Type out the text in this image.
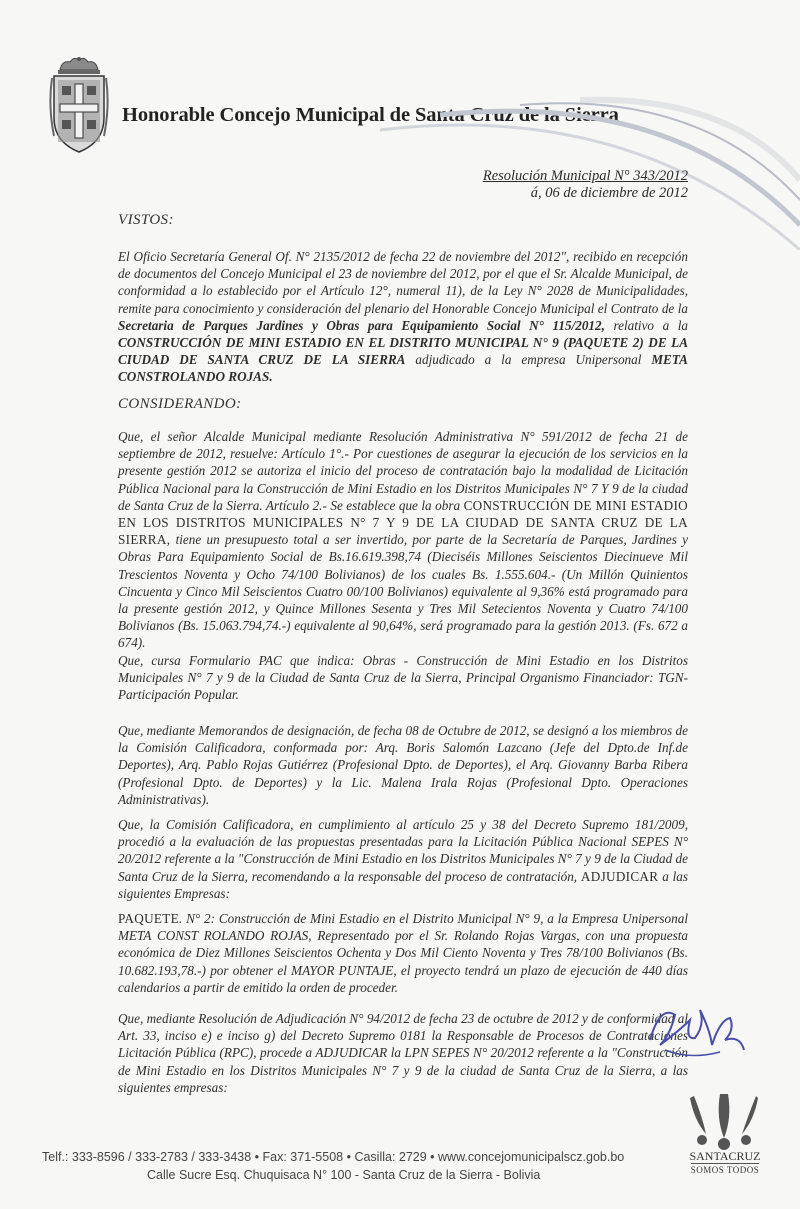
Honorable Concejo Municipal de Santa Cruz de la Sierra
Resolución Municipal N° 343/2012
á, 06 de diciembre de 2012
VISTOS:
El Oficio Secretaría General Of. N° 2135/2012 de fecha 22 de noviembre del 2012", recibido en recepción de documentos del Concejo Municipal el 23 de noviembre del 2012, por el que el Sr. Alcalde Municipal, de conformidad a lo establecido por el Artículo 12°, numeral 11), de la Ley N° 2028 de Municipalidades, remite para conocimiento y consideración del plenario del Honorable Concejo Municipal el Contrato de la Secretaria de Parques Jardines y Obras para Equipamiento Social N° 115/2012, relativo a la CONSTRUCCIÓN DE MINI ESTADIO EN EL DISTRITO MUNICIPAL N° 9 (PAQUETE 2) DE LA CIUDAD DE SANTA CRUZ DE LA SIERRA adjudicado a la empresa Unipersonal META CONSTROLANDO ROJAS.
CONSIDERANDO:
Que, el señor Alcalde Municipal mediante Resolución Administrativa N° 591/2012 de fecha 21 de septiembre de 2012, resuelve: Artículo 1°.- Por cuestiones de asegurar la ejecución de los servicios en la presente gestión 2012 se autoriza el inicio del proceso de contratación bajo la modalidad de Licitación Pública Nacional para la Construcción de Mini Estadio en los Distritos Municipales N° 7 Y 9 de la ciudad de Santa Cruz de la Sierra. Artículo 2.- Se establece que la obra CONSTRUCCIÓN DE MINI ESTADIO EN LOS DISTRITOS MUNICIPALES N° 7 Y 9 DE LA CIUDAD DE SANTA CRUZ DE LA SIERRA, tiene un presupuesto total a ser invertido, por parte de la Secretaría de Parques, Jardines y Obras Para Equipamiento Social de Bs.16.619.398,74 (Dieciséis Millones Seiscientos Diecinueve Mil Trescientos Noventa y Ocho 74/100 Bolivianos) de los cuales Bs. 1.555.604.- (Un Millón Quinientos Cincuenta y Cinco Mil Seiscientos Cuatro 00/100 Bolivianos) equivalente al 9,36% está programado para la presente gestión 2012, y Quince Millones Sesenta y Tres Mil Setecientos Noventa y Cuatro 74/100 Bolivianos (Bs. 15.063.794,74.-) equivalente al 90,64%, será programado para la gestión 2013. (Fs. 672 a 674).
Que, cursa Formulario PAC que indica: Obras - Construcción de Mini Estadio en los Distritos Municipales N° 7 y 9 de la Ciudad de Santa Cruz de la Sierra, Principal Organismo Financiador: TGN-Participación Popular.
Que, mediante Memorandos de designación, de fecha 08 de Octubre de 2012, se designó a los miembros de la Comisión Calificadora, conformada por: Arq. Boris Salomón Lazcano (Jefe del Dpto.de Inf.de Deportes), Arq. Pablo Rojas Gutiérrez (Profesional Dpto. de Deportes), el Arq. Giovanny Barba Ribera (Profesional Dpto. de Deportes) y la Lic. Malena Irala Rojas (Profesional Dpto. Operaciones Administrativas).
Que, la Comisión Calificadora, en cumplimiento al artículo 25 y 38 del Decreto Supremo 181/2009, procedió a la evaluación de las propuestas presentadas para la Licitación Pública Nacional SEPES N° 20/2012 referente a la "Construcción de Mini Estadio en los Distritos Municipales N° 7 y 9 de la Ciudad de Santa Cruz de la Sierra, recomendando a la responsable del proceso de contratación, ADJUDICAR a las siguientes Empresas:
PAQUETE. N° 2: Construcción de Mini Estadio en el Distrito Municipal N° 9, a la Empresa Unipersonal META CONST ROLANDO ROJAS, Representado por el Sr. Rolando Rojas Vargas, con una propuesta económica de Diez Millones Seiscientos Ochenta y Dos Mil Ciento Noventa y Tres 78/100 Bolivianos (Bs. 10.682.193,78.-) por obtener el MAYOR PUNTAJE, el proyecto tendrá un plazo de ejecución de 440 días calendarios a partir de emitido la orden de proceder.
Que, mediante Resolución de Adjudicación N° 94/2012 de fecha 23 de octubre de 2012 y de conformidad al Art. 33, inciso e) e inciso g) del Decreto Supremo 0181 la Responsable de Procesos de Contrataciones Licitación Pública (RPC), procede a ADJUDICAR la LPN SEPES N° 20/2012 referente a la "Construcción de Mini Estadio en los Distritos Municipales N° 7 y 9 de la ciudad de Santa Cruz de la Sierra, a las siguientes empresas:
SANTACRUZ
SOMOS TODOS
Telf.: 333-8596 / 333-2783 / 333-3438 • Fax: 371-5508 • Casilla: 2729 • www.concejomunicipalscz.gob.bo
Calle Sucre Esq. Chuquisaca N° 100 - Santa Cruz de la Sierra - Bolivia
